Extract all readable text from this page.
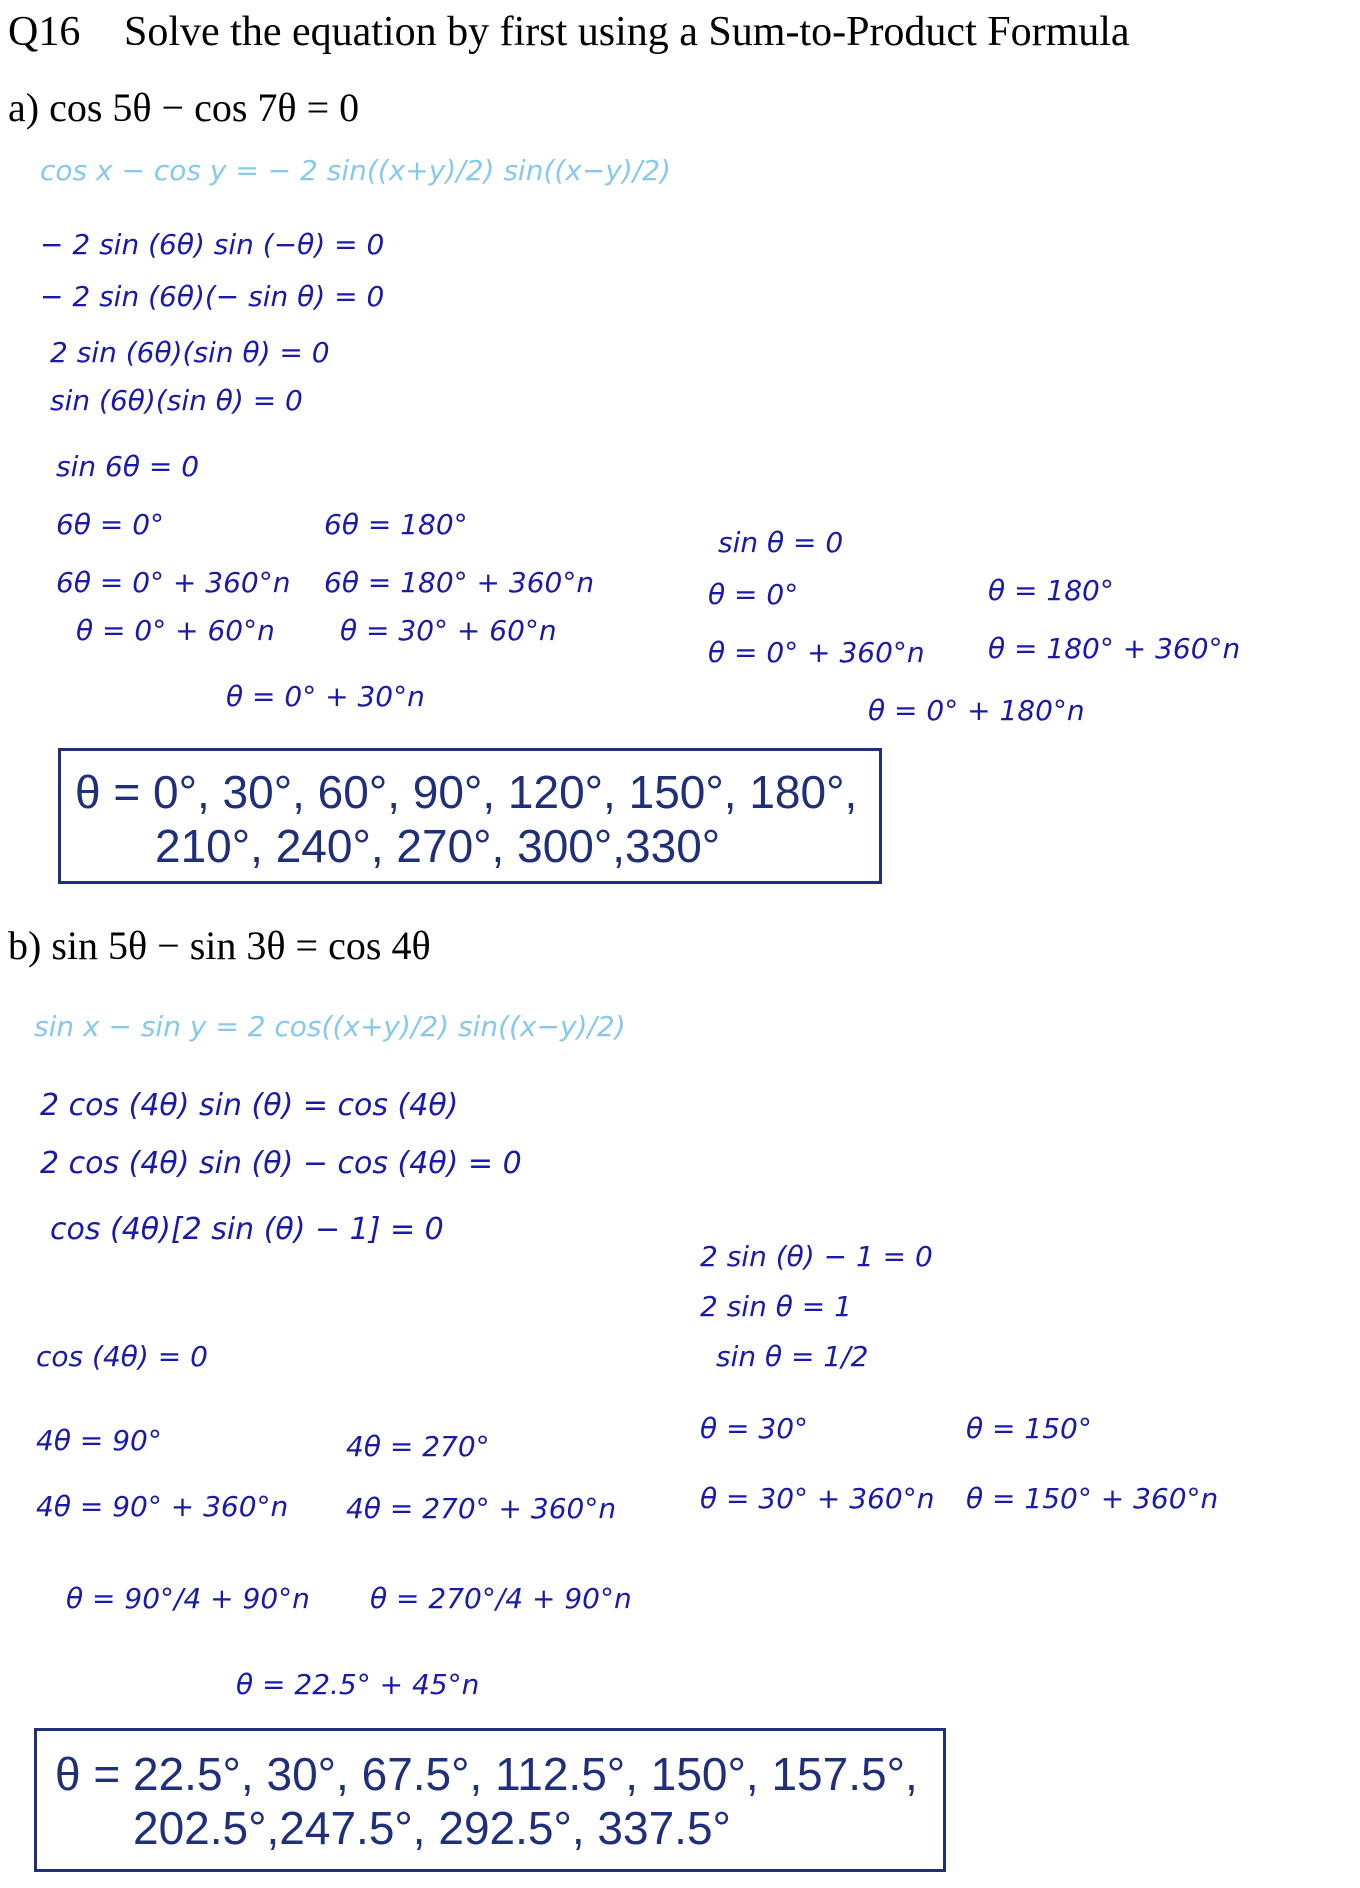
Q16 Solve the equation by first using a Sum-to-Product Formula
a) cos 5θ − cos 7θ = 0
cos x − cos y = − 2 sin((x+y)/2) sin((x−y)/2)
− 2 sin (6θ) sin (−θ) = 0
− 2 sin (6θ)(− sin θ) = 0
2 sin (6θ)(sin θ) = 0
sin (6θ)(sin θ) = 0
sin 6θ = 0
6θ = 0°
6θ = 0° + 360°n
θ = 0° + 60°n
6θ = 180°
6θ = 180° + 360°n
θ = 30° + 60°n
θ = 0° + 30°n
sin θ = 0
θ = 0°
θ = 0° + 360°n
θ = 180°
θ = 180° + 360°n
θ = 0° + 180°n
θ = 0°, 30°, 60°, 90°, 120°, 150°, 180°,
210°, 240°, 270°, 300°,330°
b) sin 5θ − sin 3θ = cos 4θ
sin x − sin y = 2 cos((x+y)/2) sin((x−y)/2)
2 cos (4θ) sin (θ) = cos (4θ)
2 cos (4θ) sin (θ) − cos (4θ) = 0
cos (4θ)[2 sin (θ) − 1] = 0
cos (4θ) = 0
4θ = 90°
4θ = 90° + 360°n
θ = 90°/4 + 90°n
4θ = 270°
4θ = 270° + 360°n
θ = 270°/4 + 90°n
θ = 22.5° + 45°n
2 sin (θ) − 1 = 0
2 sin θ = 1
sin θ = 1/2
θ = 30°
θ = 30° + 360°n
θ = 150°
θ = 150° + 360°n
θ = 22.5°, 30°, 67.5°, 112.5°, 150°, 157.5°,
202.5°,247.5°, 292.5°, 337.5°
